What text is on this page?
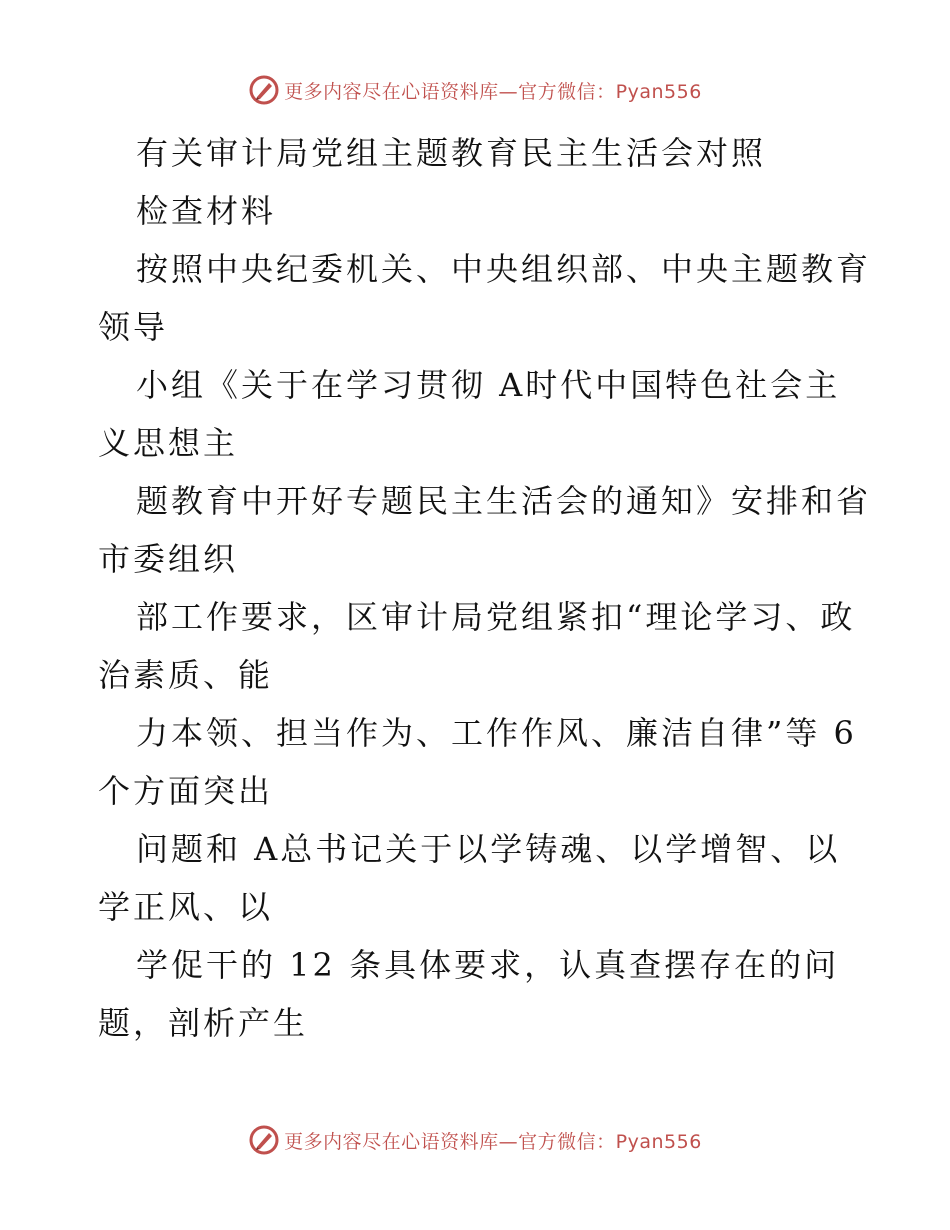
更多内容尽在心语资料库—官方微信：Pyan556

有关审计局党组主题教育民主生活会对照

检查材料

按照中央纪委机关、中央组织部、中央主题教育

领导

小组《关于在学习贯彻 A时代中国特色社会主

义思想主

题教育中开好专题民主生活会的通知》安排和省

市委组织

部工作要求，区审计局党组紧扣“理论学习、政

治素质、能

力本领、担当作为、工作作风、廉洁自律”等 6

个方面突出

问题和 A总书记关于以学铸魂、以学增智、以

学正风、以

学促干的 12 条具体要求，认真查摆存在的问

题，剖析产生

更多内容尽在心语资料库—官方微信：Pyan556
